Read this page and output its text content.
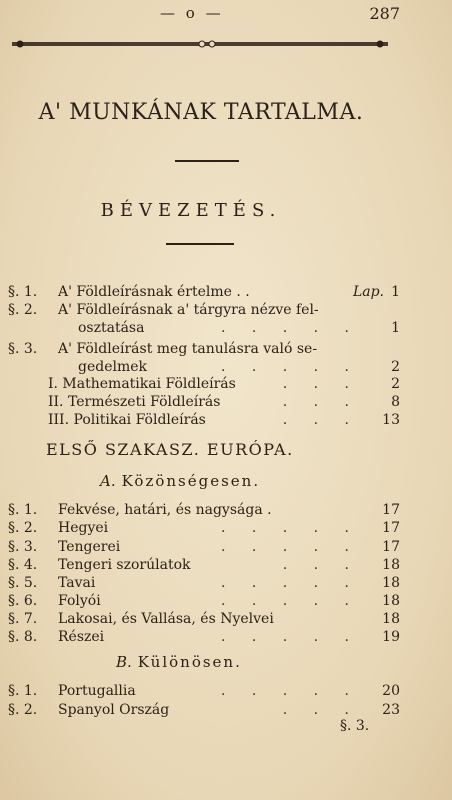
— o —	287
A' MUNKÁNAK TARTALMA.
BÉVEZETÉS.
§. 1. A' Földleírásnak értelme . .	Lap. 1
§. 2. A' Földleírásnak a' tárgyra nézve fel-
osztatása	. . . . . 1
§. 3. A' Földleírást meg tanulásra való se-
gedelmek	. . . . . 2
I. Mathematikai Földleírás	. . . 2
II. Természeti Földleírás	. . . 8
III. Politikai Földleírás	. . . 13
ELSŐ SZAKASZ. EURÓPA.
A. Közönségesen.
§. 1. Fekvése, határi, és nagysága .	17
§. 2. Hegyei	. . . . . 17
§. 3. Tengerei	. . . . . 17
§. 4. Tengeri szorúlatok	. . . 18
§. 5. Tavai	. . . . . 18
§. 6. Folyói	. . . . . 18
§. 7. Lakosai, és Vallása, és Nyelvei	18
§. 8. Részei	. . . . . 19
B. Különösen.
§. 1. Portugallia	. . . . . 20
§. 2. Spanyol Ország	. . . 23
§. 3.
